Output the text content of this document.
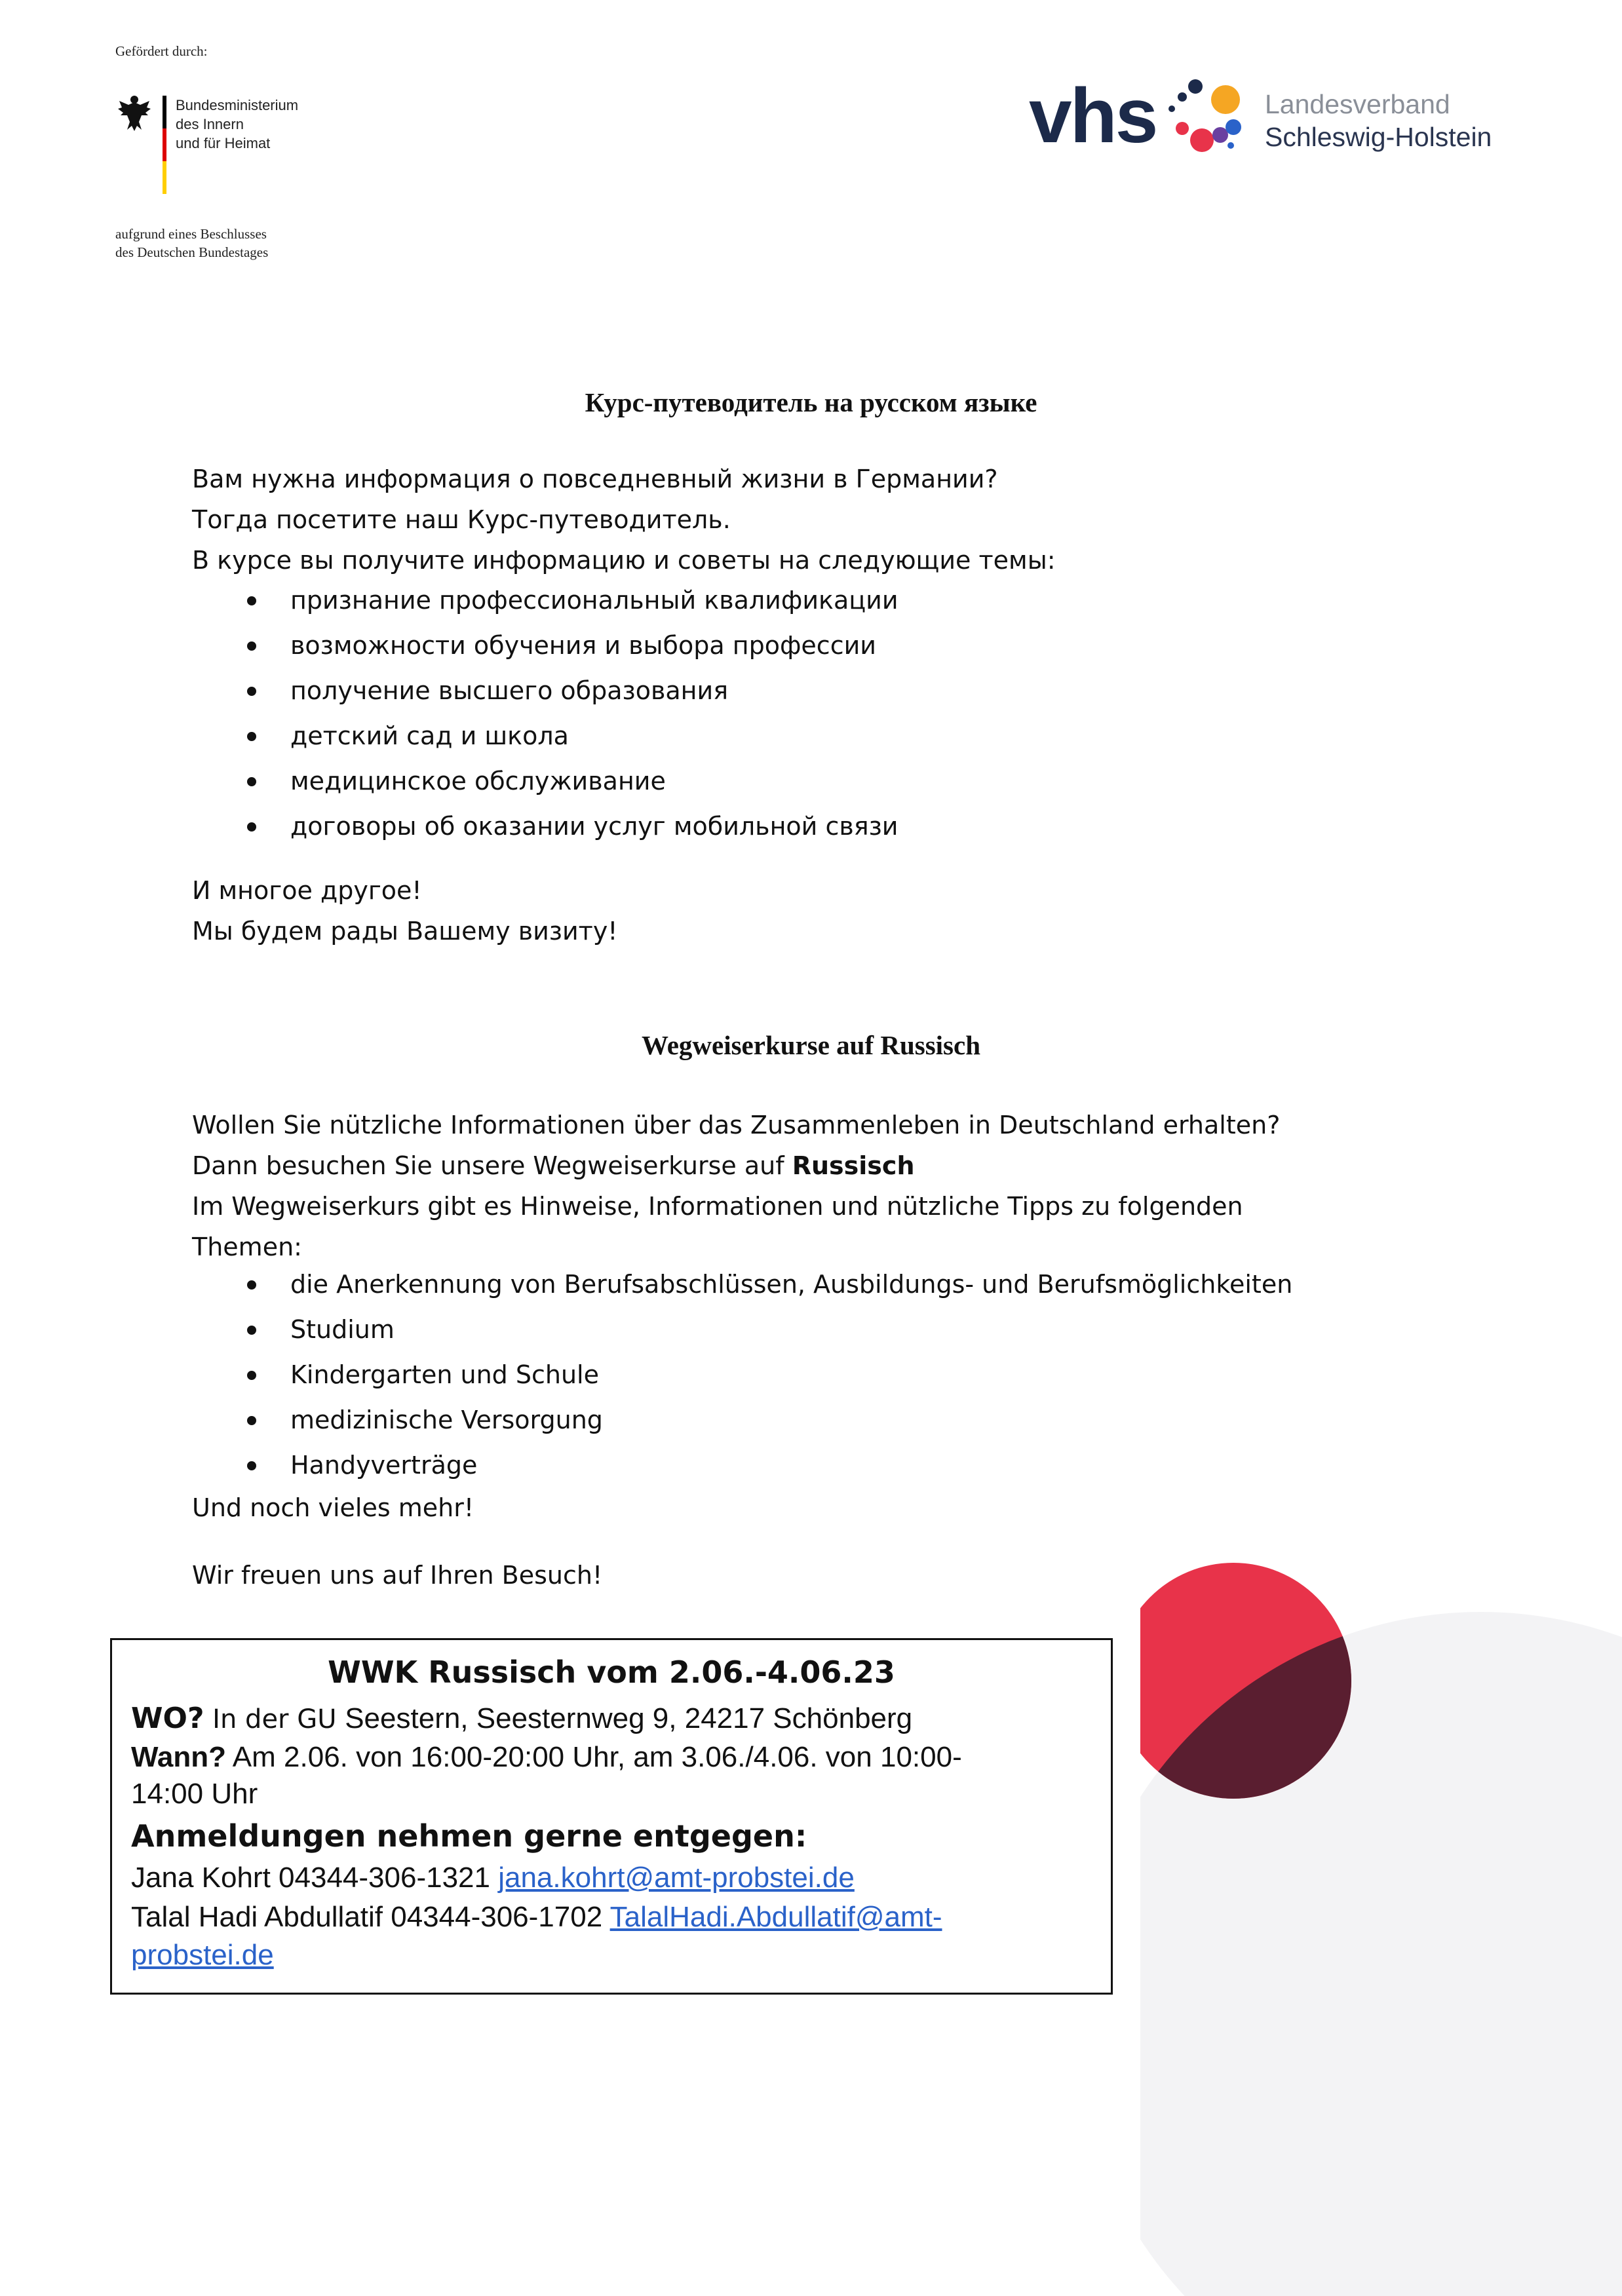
Gefördert durch:
Bundesministerium
des Innern
und für Heimat
aufgrund eines Beschlusses
des Deutschen Bundestages
vhs	Landesverband
Schleswig-Holstein
Курс-путеводитель на русском языке
Вам нужна информация о повседневный жизни в Германии?
Тогда посетите наш Курс-путеводитель.
В курсе вы получите информацию и советы на следующие темы:
признание профессиональный квалификации
возможности обучения и выбора профессии
получение высшего образования
детский сад и школа
медицинское обслуживание
договоры об оказании услуг мобильной связи
И многое другое!
Мы будем рады Вашему визиту!
Wegweiserkurse auf Russisch
Wollen Sie nützliche Informationen über das Zusammenleben in Deutschland erhalten?
Dann besuchen Sie unsere Wegweiserkurse auf Russisch
Im Wegweiserkurs gibt es Hinweise, Informationen und nützliche Tipps zu folgenden
Themen:
die Anerkennung von Berufsabschlüssen, Ausbildungs- und Berufsmöglichkeiten
Studium
Kindergarten und Schule
medizinische Versorgung
Handyverträge
Und noch vieles mehr!
Wir freuen uns auf Ihren Besuch!
WWK Russisch vom 2.06.-4.06.23
WO? In der GU Seestern, Seesternweg 9, 24217 Schönberg
Wann? Am 2.06. von 16:00-20:00 Uhr, am 3.06./4.06. von 10:00-
14:00 Uhr
Anmeldungen nehmen gerne entgegen:
Jana Kohrt 04344-306-1321 jana.kohrt@amt-probstei.de
Talal Hadi Abdullatif 04344-306-1702 TalalHadi.Abdullatif@amt-
probstei.de
